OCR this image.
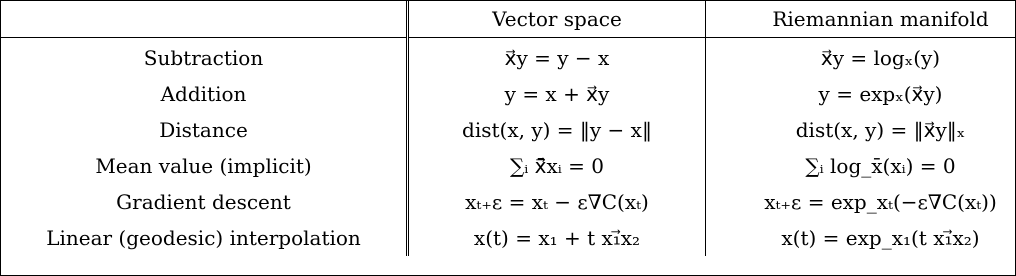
	Vector space	Riemannian manifold
Subtraction	x⃗y = y − x	x⃗y = logₓ(y)
Addition	y = x + x⃗y	y = expₓ(x⃗y)
Distance	dist(x, y) = ‖y − x‖	dist(x, y) = ‖x⃗y‖ₓ
Mean value (implicit)	∑ᵢ x̄⃗xᵢ = 0	∑ᵢ log_x̄(xᵢ) = 0
Gradient descent	xₜ₊ε = xₜ − ε∇C(xₜ)	xₜ₊ε = exp_xₜ(−ε∇C(xₜ))
Linear (geodesic) interpolation	x(t) = x₁ + t x₁⃗x₂	x(t) = exp_x₁(t x₁⃗x₂)
